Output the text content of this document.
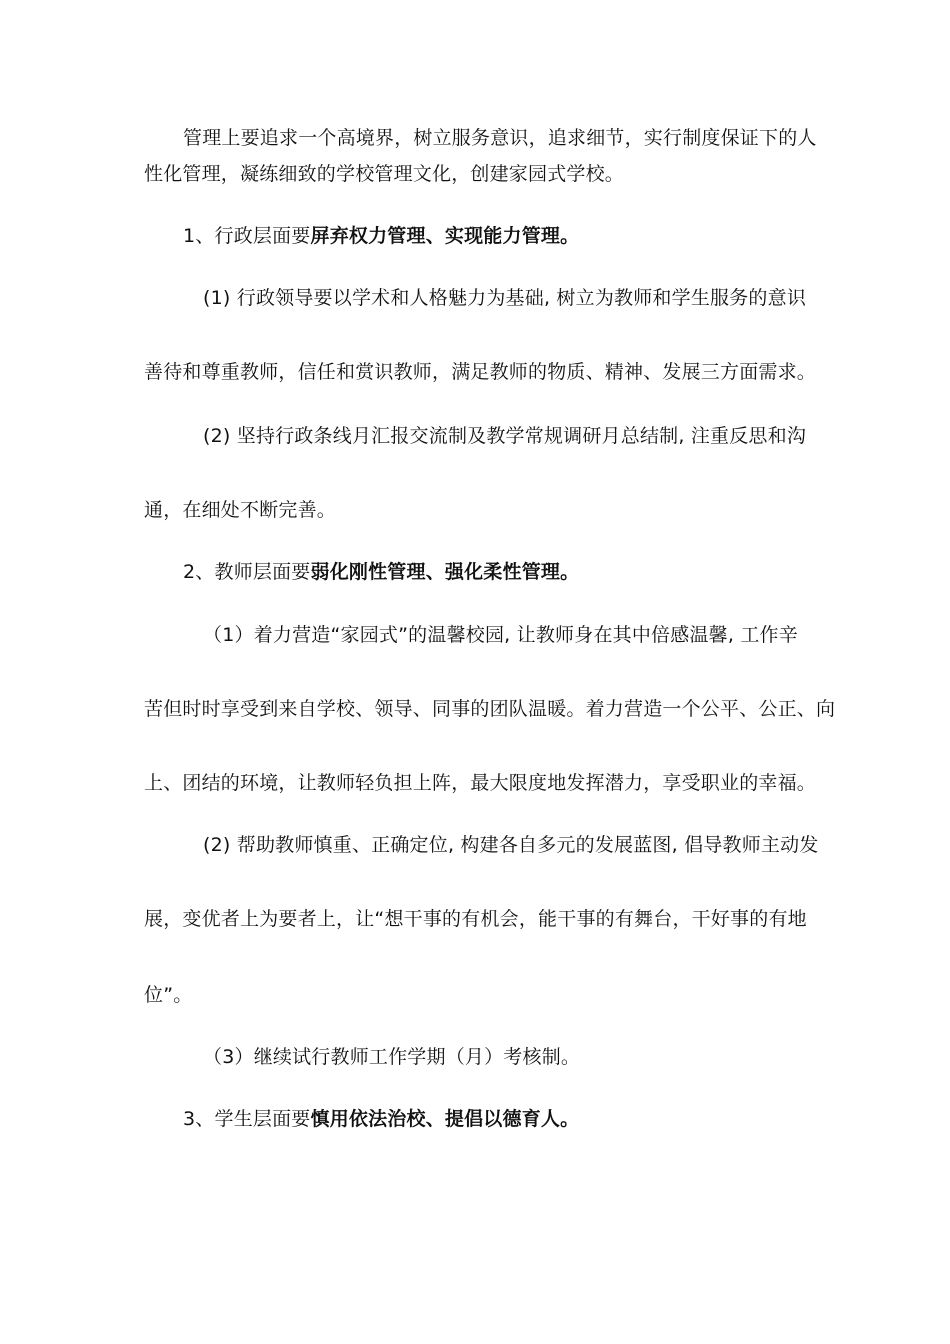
管理上要追求一个高境界，树立服务意识，追求细节，实行制度保证下的人
性化管理，凝练细致的学校管理文化，创建家园式学校。
1、行政层面要屏弃权力管理、实现能力管理。
(1) 行政领导要以学术和人格魅力为基础, 树立为教师和学生服务的意识
善待和尊重教师，信任和赏识教师，满足教师的物质、精神、发展三方面需求。
(2) 坚持行政条线月汇报交流制及教学常规调研月总结制, 注重反思和沟
通，在细处不断完善。
2、教师层面要弱化刚性管理、强化柔性管理。
（1）着力营造“家园式”的温馨校园, 让教师身在其中倍感温馨, 工作辛
苦但时时享受到来自学校、领导、同事的团队温暖。着力营造一个公平、公正、向
上、团结的环境，让教师轻负担上阵，最大限度地发挥潜力，享受职业的幸福。
(2) 帮助教师慎重、正确定位, 构建各自多元的发展蓝图, 倡导教师主动发
展，变优者上为要者上，让“想干事的有机会，能干事的有舞台，干好事的有地
位”。
（3）继续试行教师工作学期（月）考核制。
3、学生层面要慎用依法治校、提倡以德育人。
